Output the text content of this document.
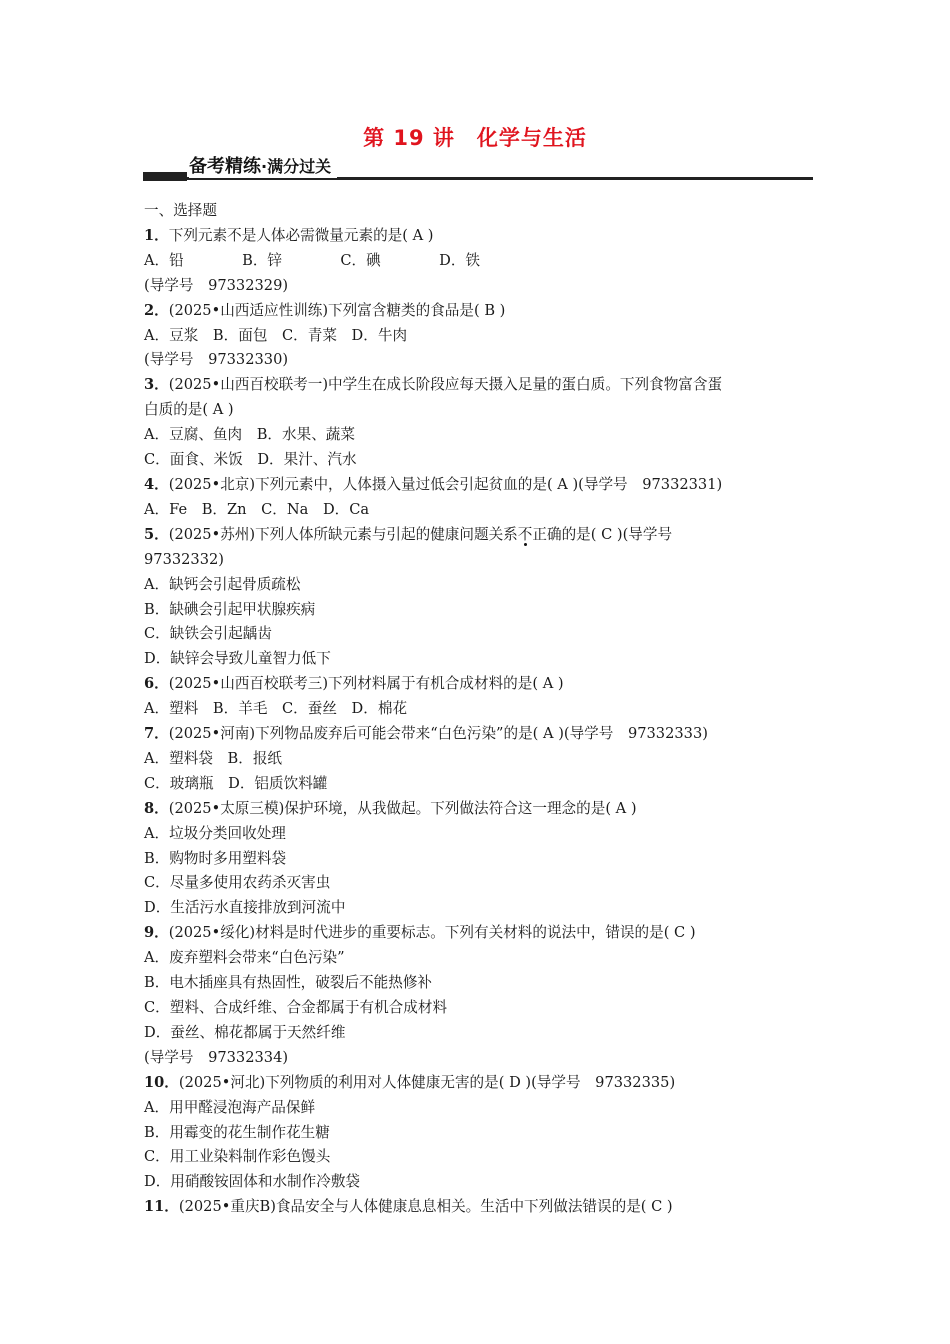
第 19 讲　化学与生活
备考精练·满分过关
一、选择题
1．下列元素不是人体必需微量元素的是( A )
A．铅　　　　B．锌　　　　C．碘　　　　D．铁
(导学号　97332329)
2．(2025•山西适应性训练)下列富含糖类的食品是( B )
A．豆浆　B．面包　C．青菜　D．牛肉
(导学号　97332330)
3．(2025•山西百校联考一)中学生在成长阶段应每天摄入足量的蛋白质。下列食物富含蛋
白质的是( A )
A．豆腐、鱼肉　B．水果、蔬菜
C．面食、米饭　D．果汁、汽水
4．(2025•北京)下列元素中，人体摄入量过低会引起贫血的是( A )(导学号　97332331)
A．Fe　B．Zn　C．Na　D．Ca
5．(2025•苏州)下列人体所缺元素与引起的健康问题关系不正确的是( C )(导学号
97332332)
A．缺钙会引起骨质疏松
B．缺碘会引起甲状腺疾病
C．缺铁会引起龋齿
D．缺锌会导致儿童智力低下
6．(2025•山西百校联考三)下列材料属于有机合成材料的是( A )
A．塑料　B．羊毛　C．蚕丝　D．棉花
7．(2025•河南)下列物品废弃后可能会带来“白色污染”的是( A )(导学号　97332333)
A．塑料袋　B．报纸
C．玻璃瓶　D．铝质饮料罐
8．(2025•太原三模)保护环境，从我做起。下列做法符合这一理念的是( A )
A．垃圾分类回收处理
B．购物时多用塑料袋
C．尽量多使用农药杀灭害虫
D．生活污水直接排放到河流中
9．(2025•绥化)材料是时代进步的重要标志。下列有关材料的说法中，错误的是( C )
A．废弃塑料会带来“白色污染”
B．电木插座具有热固性，破裂后不能热修补
C．塑料、合成纤维、合金都属于有机合成材料
D．蚕丝、棉花都属于天然纤维
(导学号　97332334)
10．(2025•河北)下列物质的利用对人体健康无害的是( D )(导学号　97332335)
A．用甲醛浸泡海产品保鲜
B．用霉变的花生制作花生糖
C．用工业染料制作彩色馒头
D．用硝酸铵固体和水制作冷敷袋
11．(2025•重庆B)食品安全与人体健康息息相关。生活中下列做法错误的是( C )
